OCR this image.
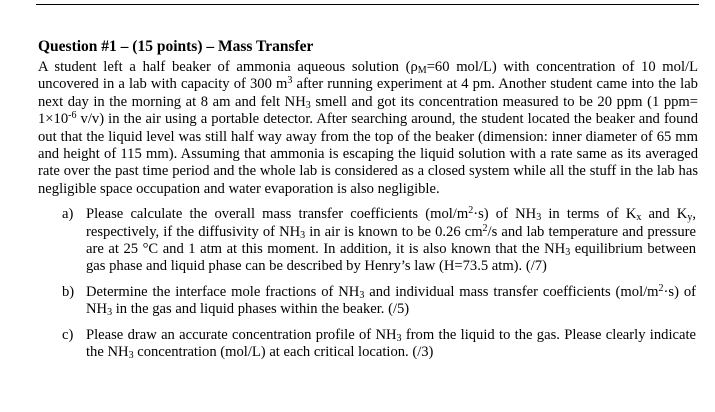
Question #1 – (15 points) – Mass Transfer

A student left a half beaker of ammonia aqueous solution ($\rho_M=60$ mol/L) with concentration of 10 mol/L uncovered in a lab with capacity of 300 $m^3$ after running experiment at 4 pm. Another student came into the lab next day in the morning at 8 am and felt $NH_3$ smell and got its concentration measured to be 20 ppm (1 $ppm= 1\times 10^{-6}$ v/v) in the air using a portable detector. After searching around, the student located the beaker and found out that the liquid level was still half way away from the top of the beaker (dimension: inner diameter of 65 mm and height of 115 mm). Assuming that ammonia is escaping the liquid solution with a rate same as its averaged rate over the past time period and the whole lab is considered as a closed system while all the stuff in the lab has negligible space occupation and water evaporation is also negligible.

a) Please calculate the overall mass transfer coefficients $(mol/m^2\cdot s)$ of $NH_3$ in terms of $K_x$ and $K_y$, respectively, if the diffusivity of $NH_3$ in air is known to be 0.26 $cm^2/s$ and lab temperature and pressure are at 25 °C and 1 atm at this moment. In addition, it is also known that the $NH_3$ equilibrium between gas phase and liquid phase can be described by Henry’s law (H=73.5 atm). (/7)
b) Determine the interface mole fractions of $NH_3$ and individual mass transfer coefficients $(mol/m^2\cdot s)$ of $NH_3$ in the gas and liquid phases within the beaker. (/5)
c) Please draw an accurate concentration profile of $NH_3$ from the liquid to the gas. Please clearly indicate the $NH_3$ concentration (mol/L) at each critical location. (/3)
